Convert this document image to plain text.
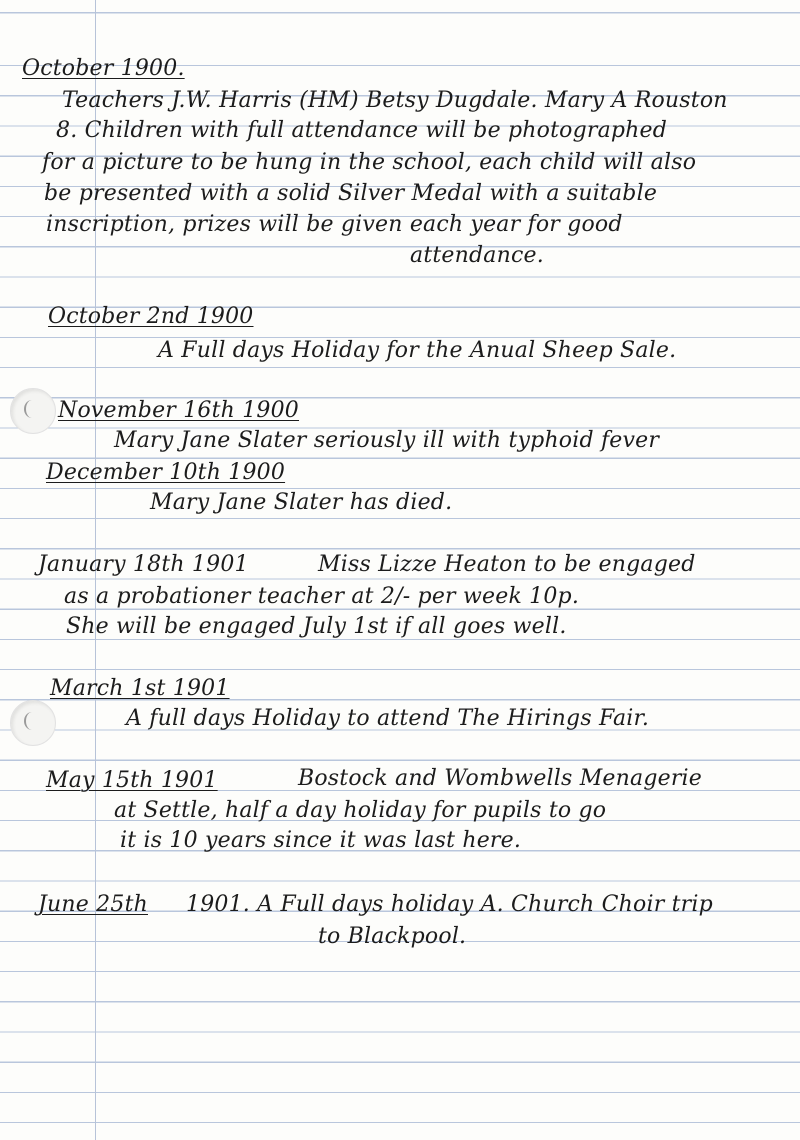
October 1900.

Teachers J.W. Harris (HM) Betsy Dugdale. Mary A Rouston

8. Children with full attendance will be photographed

for a picture to be hung in the school, each child will also

be presented with a solid Silver Medal with a suitable

inscription, prizes will be given each year for good

attendance.

October 2nd 1900

A Full days Holiday for the Anual Sheep Sale.

November 16th 1900

Mary Jane Slater seriously ill with typhoid fever

December 10th 1900

Mary Jane Slater has died.

January 18th 1901	Miss Lizze Heaton to be engaged

as a probationer teacher at 2/- per week 10p.

She will be engaged July 1st if all goes well.

March 1st 1901

A full days Holiday to attend The Hirings Fair.

May 15th 1901	Bostock and Wombwells Menagerie

at Settle, half a day holiday for pupils to go

it is 10 years since it was last here.

June 25th 1901. A Full days holiday A. Church Choir trip

to Blackpool.
